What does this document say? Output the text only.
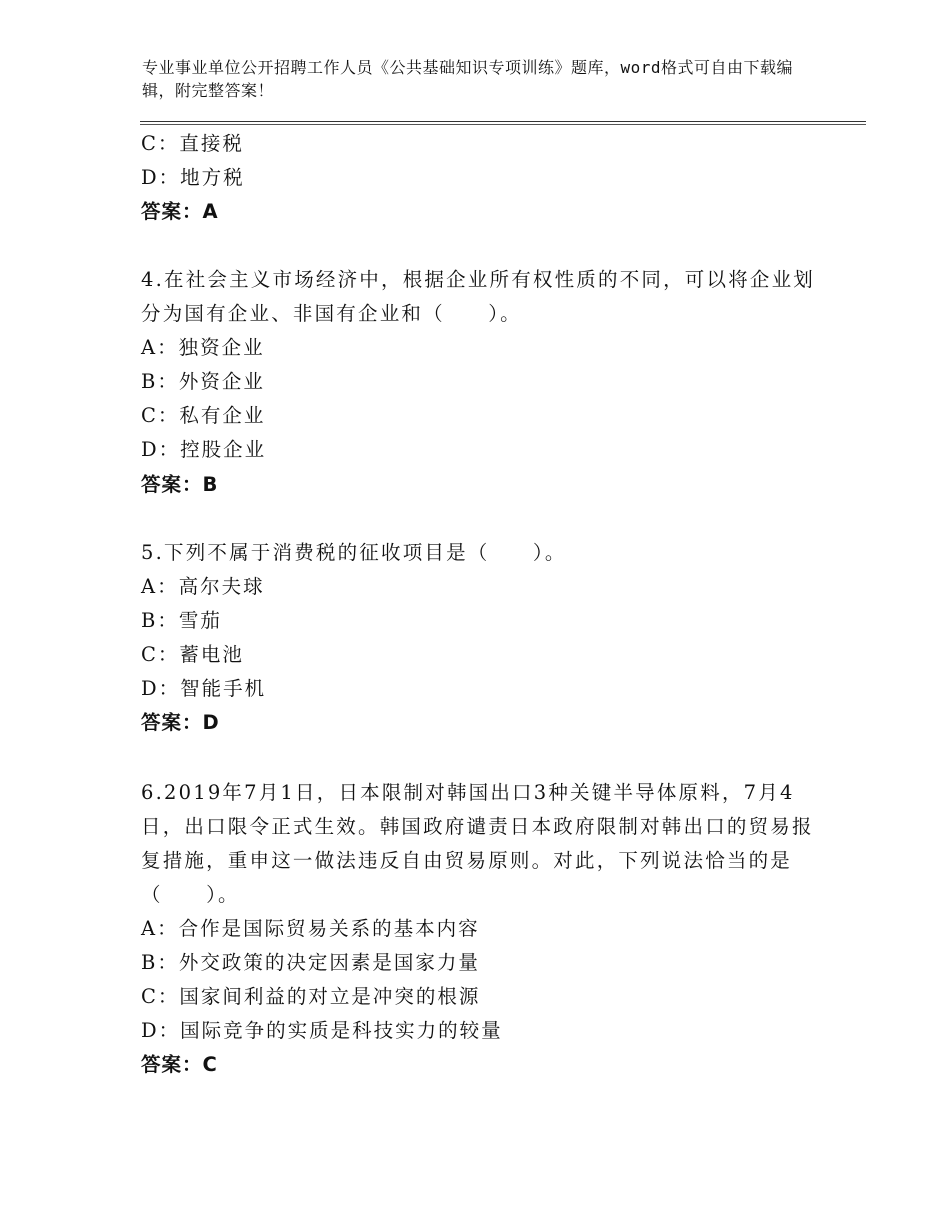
专业事业单位公开招聘工作人员《公共基础知识专项训练》题库，word格式可自由下载编辑，附完整答案！
C：直接税
D：地方税
答案：A
4.在社会主义市场经济中，根据企业所有权性质的不同，可以将企业划分为国有企业、非国有企业和（　　）。
A：独资企业
B：外资企业
C：私有企业
D：控股企业
答案：B
5.下列不属于消费税的征收项目是（　　）。
A：高尔夫球
B：雪茄
C：蓄电池
D：智能手机
答案：D
6.2019年7月1日，日本限制对韩国出口3种关键半导体原料，7月4日，出口限令正式生效。韩国政府谴责日本政府限制对韩出口的贸易报复措施，重申这一做法违反自由贸易原则。对此，下列说法恰当的是（　　）。
A：合作是国际贸易关系的基本内容
B：外交政策的决定因素是国家力量
C：国家间利益的对立是冲突的根源
D：国际竞争的实质是科技实力的较量
答案：C
